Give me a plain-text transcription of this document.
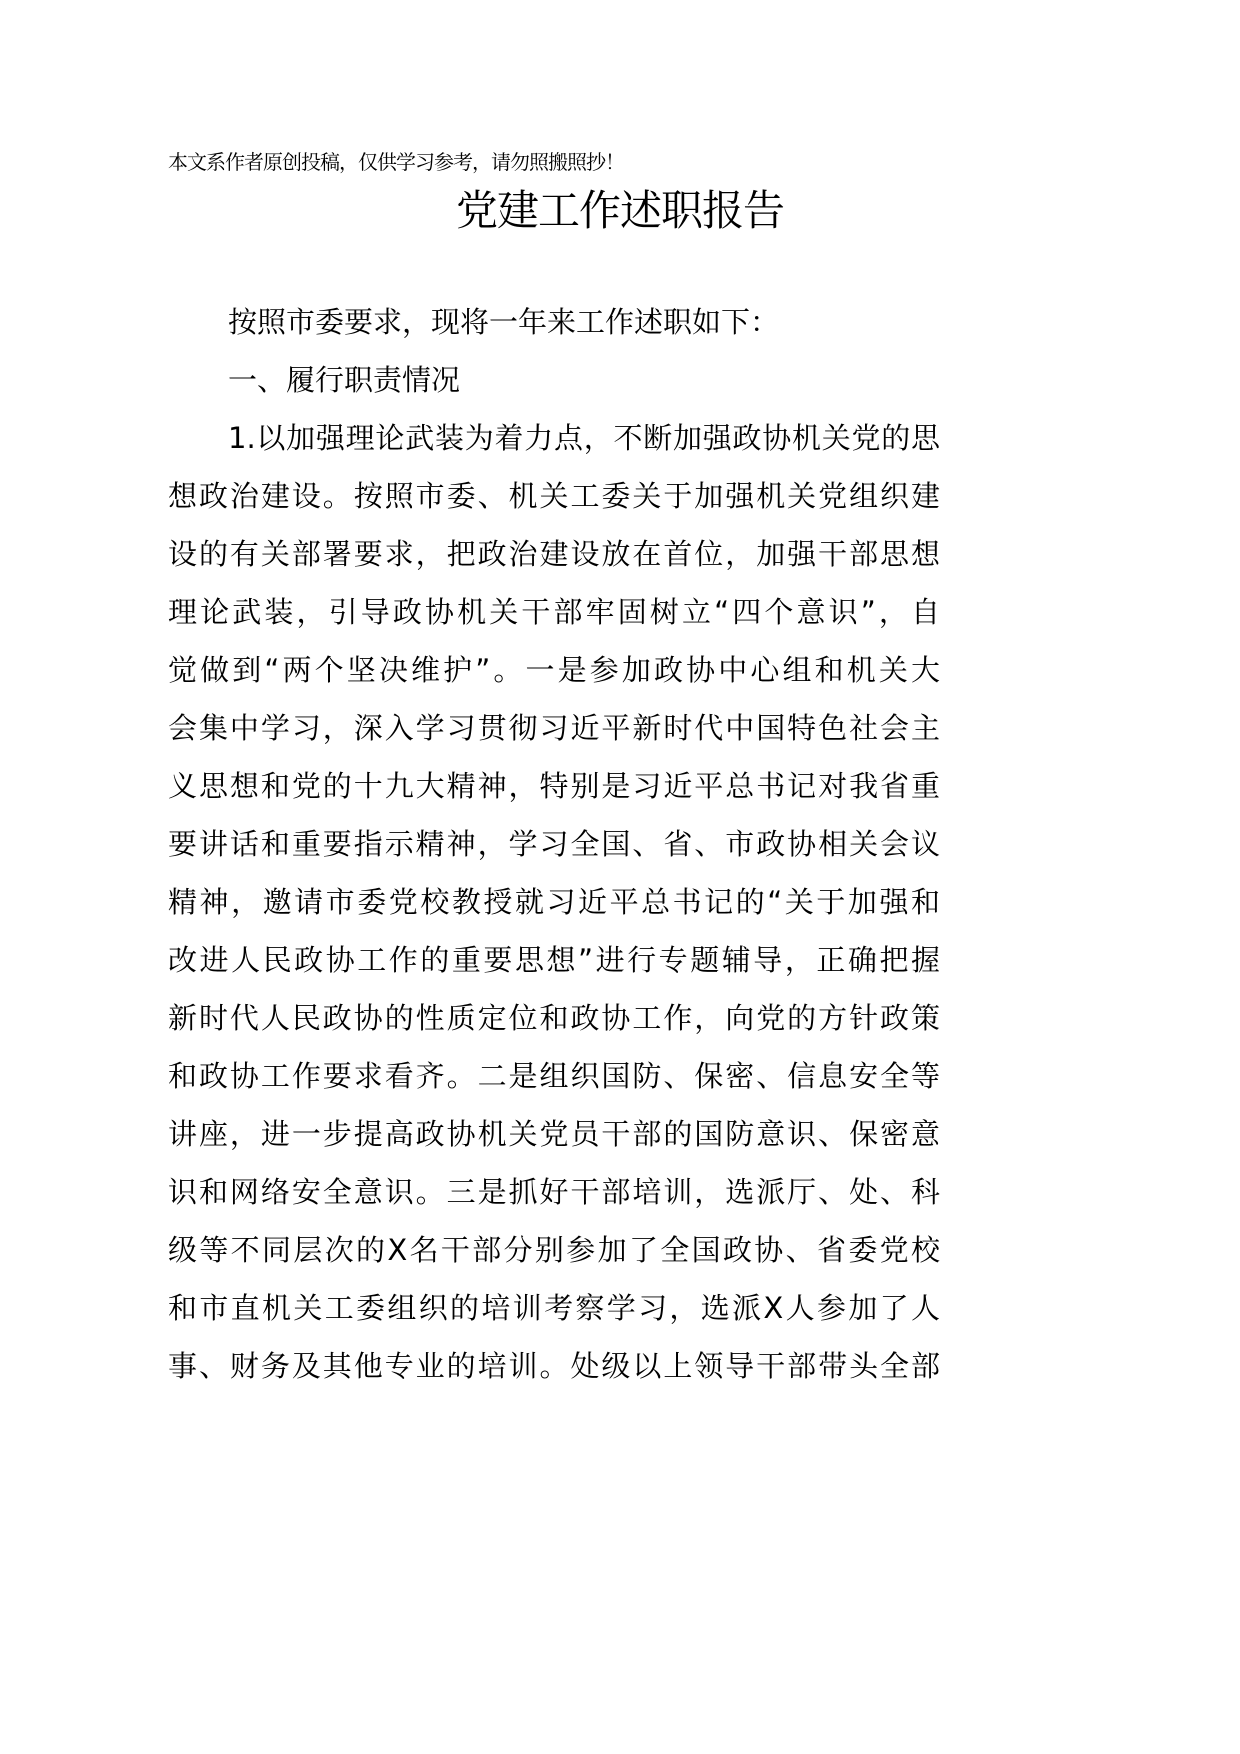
本文系作者原创投稿，仅供学习参考，请勿照搬照抄！
党建工作述职报告
按照市委要求，现将一年来工作述职如下：
一、履行职责情况
1.以加强理论武装为着力点，不断加强政协机关党的思
想政治建设。按照市委、机关工委关于加强机关党组织建
设的有关部署要求，把政治建设放在首位，加强干部思想
理论武装，引导政协机关干部牢固树立“四个意识”，自
觉做到“两个坚决维护”。一是参加政协中心组和机关大
会集中学习，深入学习贯彻习近平新时代中国特色社会主
义思想和党的十九大精神，特别是习近平总书记对我省重
要讲话和重要指示精神，学习全国、省、市政协相关会议
精神，邀请市委党校教授就习近平总书记的“关于加强和
改进人民政协工作的重要思想”进行专题辅导，正确把握
新时代人民政协的性质定位和政协工作，向党的方针政策
和政协工作要求看齐。二是组织国防、保密、信息安全等
讲座，进一步提高政协机关党员干部的国防意识、保密意
识和网络安全意识。三是抓好干部培训，选派厅、处、科
级等不同层次的X名干部分别参加了全国政协、省委党校
和市直机关工委组织的培训考察学习，选派X人参加了人
事、财务及其他专业的培训。处级以上领导干部带头全部
